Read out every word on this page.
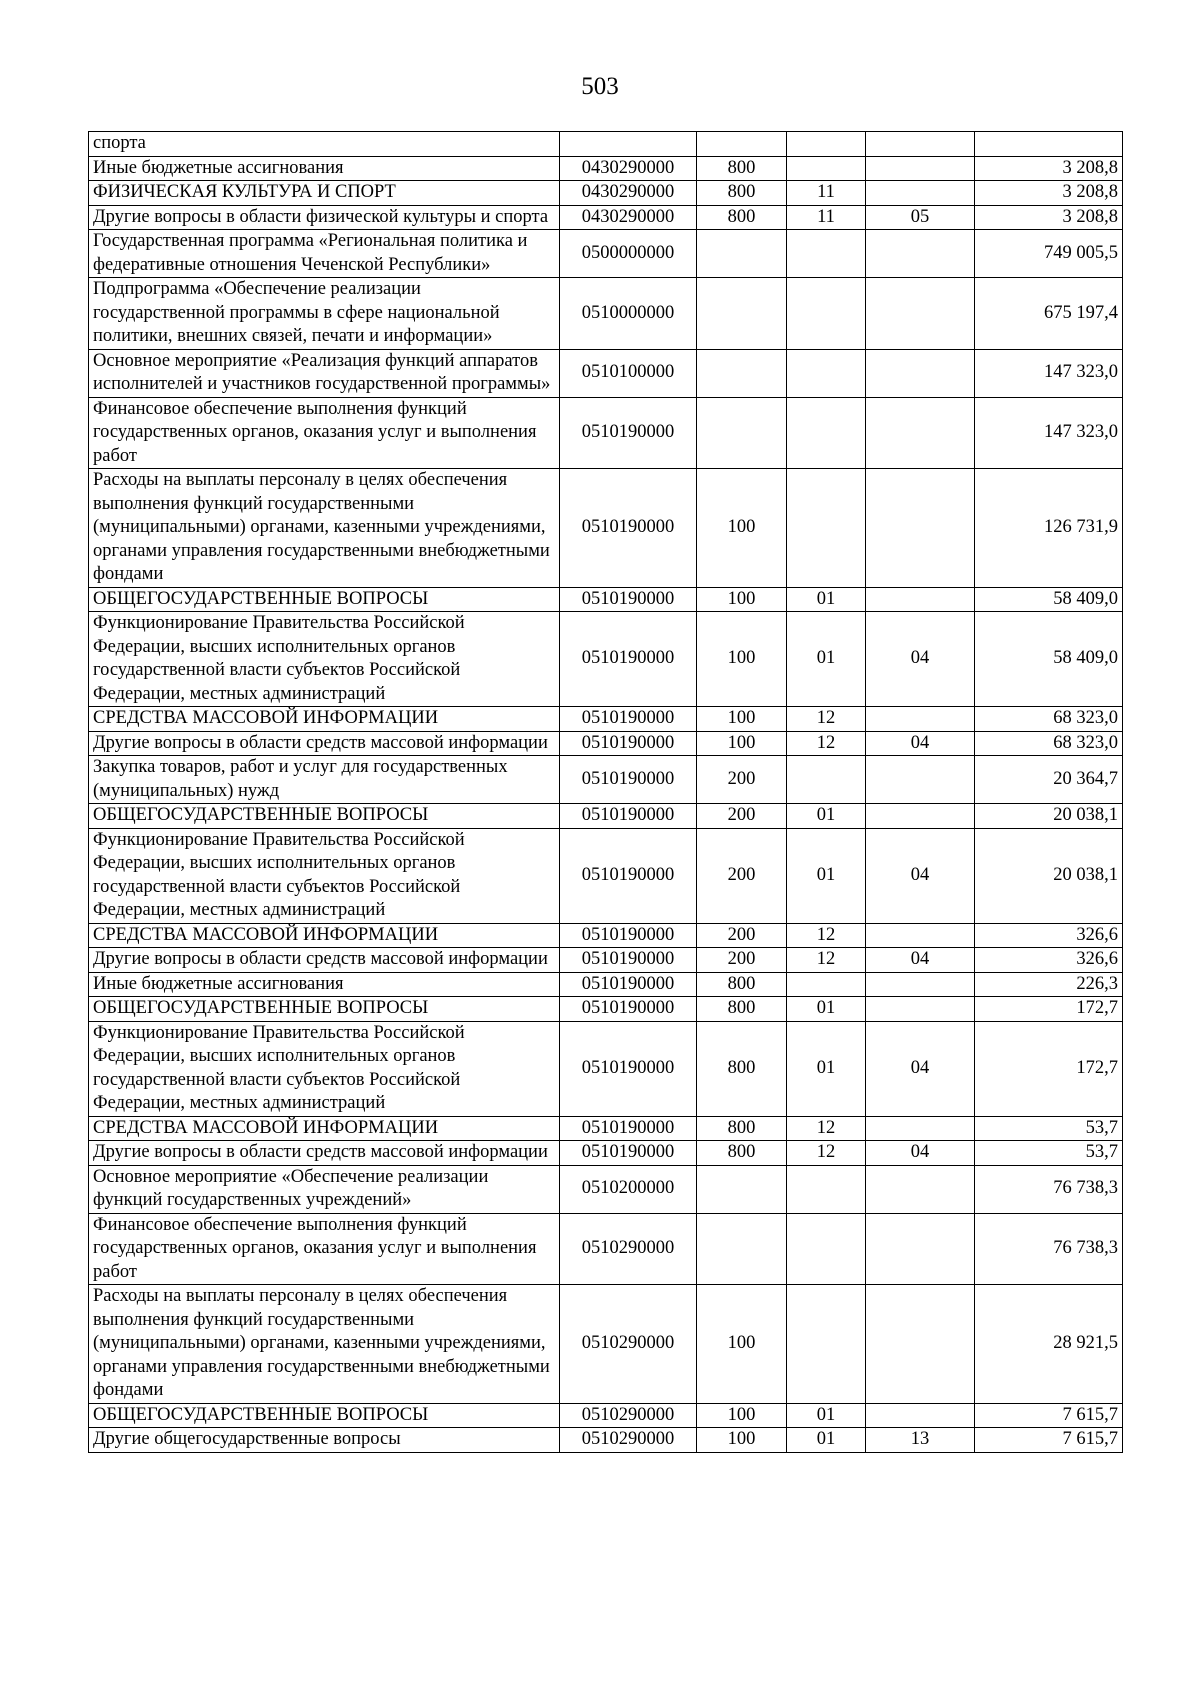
503
спорта					
Иные бюджетные ассигнования	0430290000	800			3 208,8
ФИЗИЧЕСКАЯ КУЛЬТУРА И СПОРТ	0430290000	800	11		3 208,8
Другие вопросы в области физической культуры и спорта	0430290000	800	11	05	3 208,8
Государственная программа «Региональная политика и федеративные отношения Чеченской Республики»	0500000000				749 005,5
Подпрограмма «Обеспечение реализации государственной программы в сфере национальной политики, внешних связей, печати и информации»	0510000000				675 197,4
Основное мероприятие «Реализация функций аппаратов исполнителей и участников государственной программы»	0510100000				147 323,0
Финансовое обеспечение выполнения функций государственных органов, оказания услуг и выполнения работ	0510190000				147 323,0
Расходы на выплаты персоналу в целях обеспечения выполнения функций государственными (муниципальными) органами, казенными учреждениями, органами управления государственными внебюджетными фондами	0510190000	100			126 731,9
ОБЩЕГОСУДАРСТВЕННЫЕ ВОПРОСЫ	0510190000	100	01		58 409,0
Функционирование Правительства Российской Федерации, высших исполнительных органов государственной власти субъектов Российской Федерации, местных администраций	0510190000	100	01	04	58 409,0
СРЕДСТВА МАССОВОЙ ИНФОРМАЦИИ	0510190000	100	12		68 323,0
Другие вопросы в области средств массовой информации	0510190000	100	12	04	68 323,0
Закупка товаров, работ и услуг для государственных (муниципальных) нужд	0510190000	200			20 364,7
ОБЩЕГОСУДАРСТВЕННЫЕ ВОПРОСЫ	0510190000	200	01		20 038,1
Функционирование Правительства Российской Федерации, высших исполнительных органов государственной власти субъектов Российской Федерации, местных администраций	0510190000	200	01	04	20 038,1
СРЕДСТВА МАССОВОЙ ИНФОРМАЦИИ	0510190000	200	12		326,6
Другие вопросы в области средств массовой информации	0510190000	200	12	04	326,6
Иные бюджетные ассигнования	0510190000	800			226,3
ОБЩЕГОСУДАРСТВЕННЫЕ ВОПРОСЫ	0510190000	800	01		172,7
Функционирование Правительства Российской Федерации, высших исполнительных органов государственной власти субъектов Российской Федерации, местных администраций	0510190000	800	01	04	172,7
СРЕДСТВА МАССОВОЙ ИНФОРМАЦИИ	0510190000	800	12		53,7
Другие вопросы в области средств массовой информации	0510190000	800	12	04	53,7
Основное мероприятие «Обеспечение реализации функций государственных учреждений»	0510200000				76 738,3
Финансовое обеспечение выполнения функций государственных органов, оказания услуг и выполнения работ	0510290000				76 738,3
Расходы на выплаты персоналу в целях обеспечения выполнения функций государственными (муниципальными) органами, казенными учреждениями, органами управления государственными внебюджетными фондами	0510290000	100			28 921,5
ОБЩЕГОСУДАРСТВЕННЫЕ ВОПРОСЫ	0510290000	100	01		7 615,7
Другие общегосударственные вопросы	0510290000	100	01	13	7 615,7
